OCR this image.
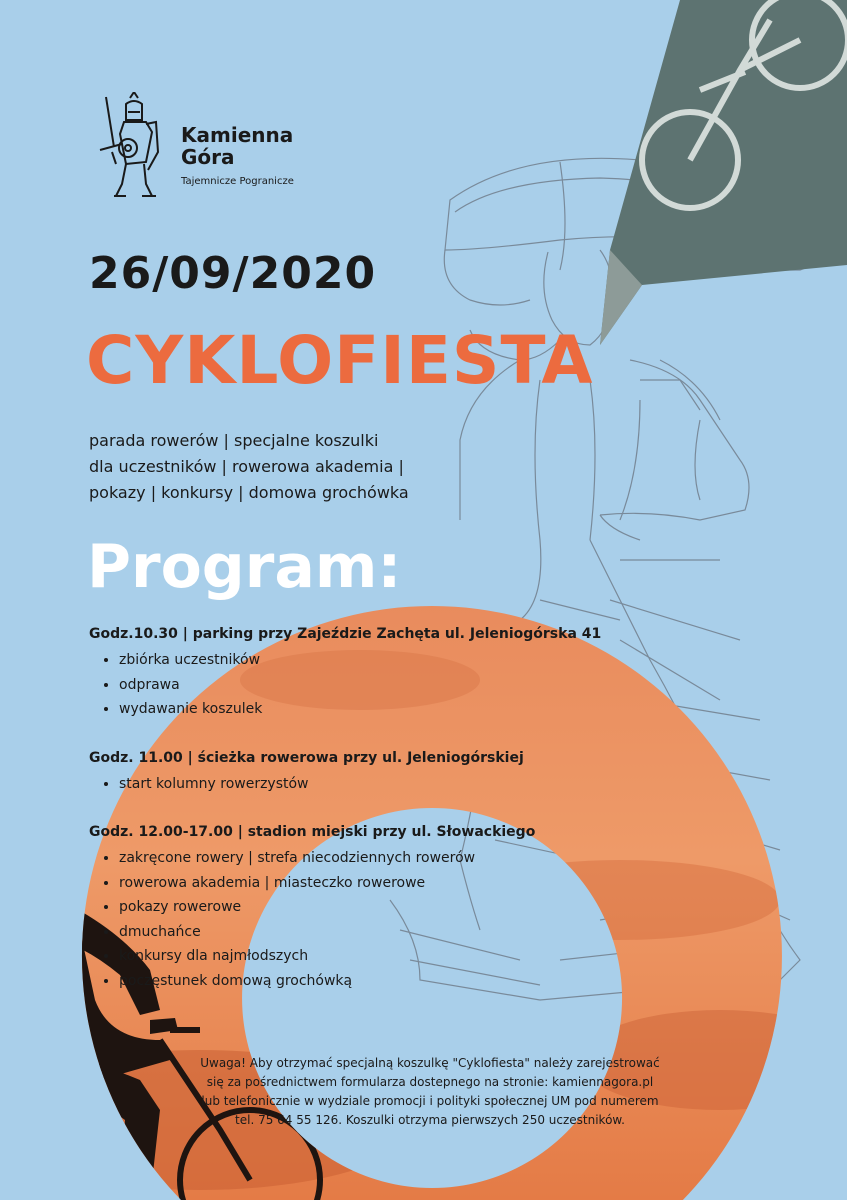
Kamienna
Góra
Tajemnicze Pogranicze
26/09/2020
CYKLOFIESTA
parada rowerów | specjalne koszulki
dla uczestników | rowerowa akademia |
pokazy | konkursy | domowa grochówka
Program:
Godz.10.30 | parking przy Zajeździe Zachęta ul. Jeleniogórska 41
• zbiórka uczestników
• odprawa
• wydawanie koszulek
Godz. 11.00 | ścieżka rowerowa przy ul. Jeleniogórskiej
• start kolumny rowerzystów
Godz. 12.00-17.00 | stadion miejski przy ul. Słowackiego
• zakręcone rowery | strefa niecodziennych rowerów
• rowerowa akademia | miasteczko rowerowe
• pokazy rowerowe
• dmuchańce
• konkursy dla najmłodszych
• poczęstunek domową grochówką
Uwaga! Aby otrzymać specjalną koszulkę "Cyklofiesta" należy zarejestrować
się za pośrednictwem formularza dostepnego na stronie: kamiennagora.pl
lub telefonicznie w wydziale promocji i polityki społecznej UM pod numerem
tel. 75 64 55 126. Koszulki otrzyma pierwszych 250 uczestników.
